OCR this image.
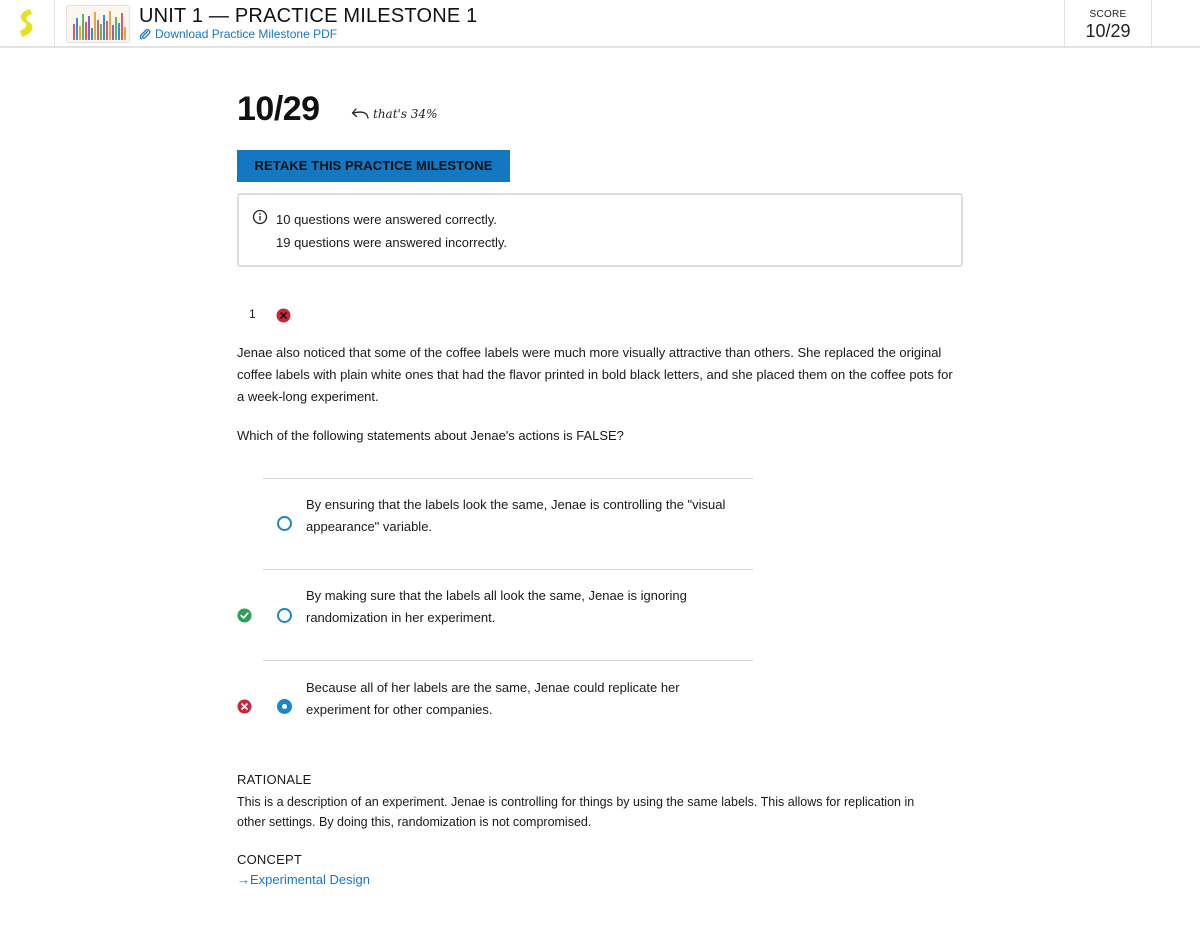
UNIT 1 — PRACTICE MILESTONE 1
Download Practice Milestone PDF
SCORE
10/29
10/29	that's 34%
RETAKE THIS PRACTICE MILESTONE
10 questions were answered correctly.
19 questions were answered incorrectly.
1
Jenae also noticed that some of the coffee labels were much more visually attractive than others. She replaced the original coffee labels with plain white ones that had the flavor printed in bold black letters, and she placed them on the coffee pots for a week-long experiment.
Which of the following statements about Jenae's actions is FALSE?
By ensuring that the labels look the same, Jenae is controlling the "visual appearance" variable.
By making sure that the labels all look the same, Jenae is ignoring randomization in her experiment.
Because all of her labels are the same, Jenae could replicate her experiment for other companies.
RATIONALE
This is a description of an experiment. Jenae is controlling for things by using the same labels. This allows for replication in other settings. By doing this, randomization is not compromised.
CONCEPT
→Experimental Design
